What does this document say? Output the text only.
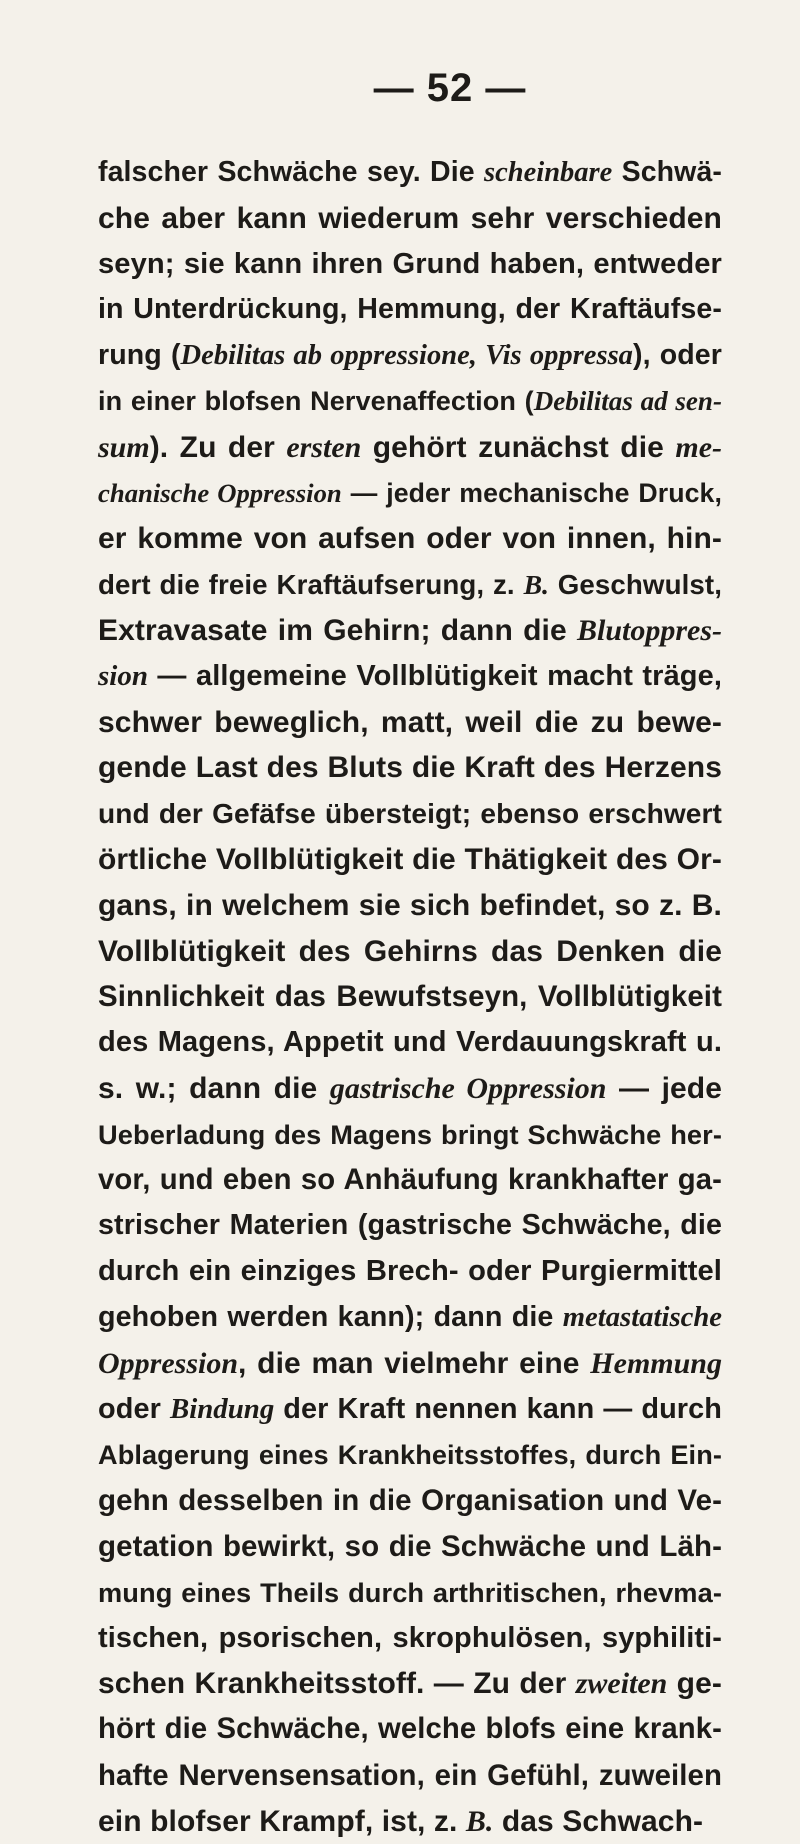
— 52 —
falscher Schwäche sey. Die scheinbare Schwä-
che aber kann wiederum sehr verschieden
seyn; sie kann ihren Grund haben, entweder
in Unterdrückung, Hemmung, der Kraftäufse-
rung (Debilitas ab oppressione, Vis oppressa), oder
in einer blofsen Nervenaffection (Debilitas ad sen-
sum). Zu der ersten gehört zunächst die me-
chanische Oppression — jeder mechanische Druck,
er komme von aufsen oder von innen, hin-
dert die freie Kraftäufserung, z. B. Geschwulst,
Extravasate im Gehirn; dann die Blutoppres-
sion — allgemeine Vollblütigkeit macht träge,
schwer beweglich, matt, weil die zu bewe-
gende Last des Bluts die Kraft des Herzens
und der Gefäfse übersteigt; ebenso erschwert
örtliche Vollblütigkeit die Thätigkeit des Or-
gans, in welchem sie sich befindet, so z. B.
Vollblütigkeit des Gehirns das Denken die
Sinnlichkeit das Bewufstseyn, Vollblütigkeit
des Magens, Appetit und Verdauungskraft u.
s. w.; dann die gastrische Oppression — jede
Ueberladung des Magens bringt Schwäche her-
vor, und eben so Anhäufung krankhafter ga-
strischer Materien (gastrische Schwäche, die
durch ein einziges Brech- oder Purgiermittel
gehoben werden kann); dann die metastatische
Oppression, die man vielmehr eine Hemmung
oder Bindung der Kraft nennen kann — durch
Ablagerung eines Krankheitsstoffes, durch Ein-
gehn desselben in die Organisation und Ve-
getation bewirkt, so die Schwäche und Läh-
mung eines Theils durch arthritischen, rhevma-
tischen, psorischen, skrophulösen, syphiliti-
schen Krankheitsstoff. — Zu der zweiten ge-
hört die Schwäche, welche blofs eine krank-
hafte Nervensensation, ein Gefühl, zuweilen
ein blofser Krampf, ist, z. B. das Schwach-
